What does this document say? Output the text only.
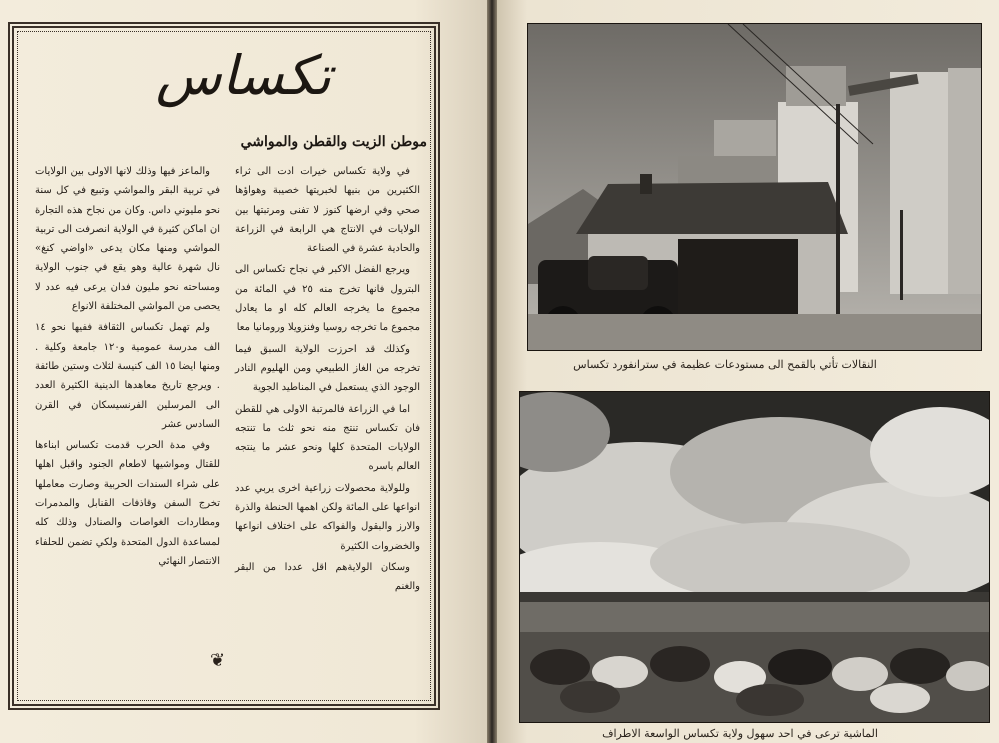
تكساس
موطن الزيت والقطن والمواشي

في ولاية تكساس خيرات ادت الى ثراء الكثيرين من بنيها لخبريتها خصيبة وهواؤها صحي وفي ارضها كنوز لا تفنى ومرتبتها بين الولايات في الانتاج هي الرابعة في الزراعة والحادية عشرة في الصناعة

ويرجع الفضل الاكبر في نجاح تكساس الى البترول فانها تخرج منه ٢٥ في المائة من مجموع ما يخرجه العالم كله او ما يعادل مجموع ما تخرجه روسيا وفنزويلا ورومانيا معا

وكذلك قد احرزت الولاية السبق فيما تخرجه من الغاز الطبيعي ومن الهليوم النادر الوجود الذي يستعمل في المناطيد الجوية

اما في الزراعة فالمرتبة الاولى هي للقطن فان تكساس تنتج منه نحو ثلث ما تنتجه الولايات المتحدة كلها ونحو عشر ما ينتجه العالم باسره

وللولاية محصولات زراعية اخرى يربي عدد انواعها على المائة ولكن اهمها الحنطة والذرة والارز والبقول والفواكه على اختلاف انواعها والخضروات الكثيرة

وسكان الولايةهم اقل عددا من البقر والغنم

والماعز فيها وذلك لانها الاولى بين الولايات في تربية البقر والمواشي وتبيع في كل سنة نحو مليوني داس. وكان من نجاح هذه التجارة ان اماكن كثيرة في الولاية انصرفت الى تربية المواشي ومنها مكان يدعى «اواضي كنغ» نال شهرة عالية وهو يقع في جنوب الولاية ومساحته نحو مليون فدان يرعى فيه عدد لا يحصى من المواشي المختلفة الانواع

ولم تهمل تكساس الثقافة ففيها نحو ١٤ الف مدرسة عمومية و١٢٠ جامعة وكلية . ومنها ايضا ١٥ الف كنيسة لثلاث وستين طائفة . ويرجع تاريخ معاهدها الدينية الكثيرة العدد الى المرسلين الفرنسيسكان في القرن السادس عشر

وفي مدة الحرب قدمت تكساس ابناءها للقتال ومواشيها لاطعام الجنود واقبل اهلها على شراء السندات الحربية وصارت معاملها تخرج السفن وقاذفات القنابل والمدمرات ومطاردات الغواصات والصنادل وذلك كله لمساعدة الدول المتحدة ولكي تضمن للحلفاء الانتصار النهائي

❦
النقالات تأتي بالقمح الى مستودعات عظيمة في سترانفورد تكساس
الماشية ترعى في احد سهول ولاية تكساس الواسعة الاطراف
